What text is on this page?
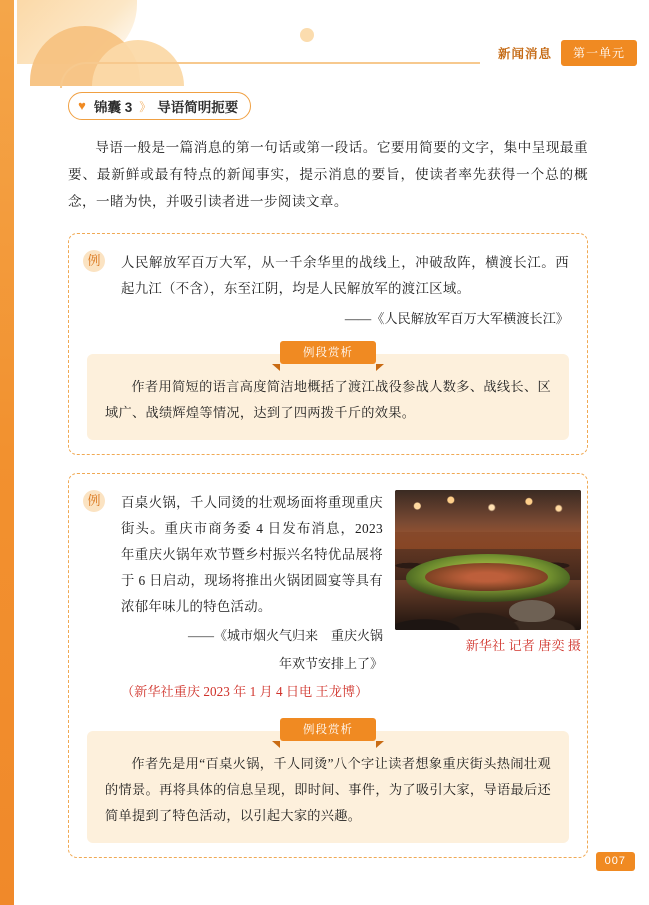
新闻消息	第一单元
♥ 锦囊 3 》 导语简明扼要
导语一般是一篇消息的第一句话或第一段话。它要用简要的文字，集中呈现最重要、最新鲜或最有特点的新闻事实，提示消息的要旨，使读者率先获得一个总的概念，一睹为快，并吸引读者进一步阅读文章。
例	人民解放军百万大军，从一千余华里的战线上，冲破敌阵，横渡长江。西起九江（不含），东至江阴，均是人民解放军的渡江区域。
——《人民解放军百万大军横渡长江》
例段赏析
作者用简短的语言高度简洁地概括了渡江战役参战人数多、战线长、区域广、战绩辉煌等情况，达到了四两拨千斤的效果。
例	百桌火锅，千人同烫的壮观场面将重现重庆街头。重庆市商务委 4 日发布消息，2023 年重庆火锅年欢节暨乡村振兴名特优品展将于 6 日启动，现场将推出火锅团圆宴等具有浓郁年味儿的特色活动。
——《城市烟火气归来　重庆火锅
年欢节安排上了》
（新华社重庆 2023 年 1 月 4 日电 王龙博）
新华社 记者 唐奕 摄
例段赏析
作者先是用“百桌火锅，千人同烫”八个字让读者想象重庆街头热闹壮观的情景。再将具体的信息呈现，即时间、事件，为了吸引大家，导语最后还简单提到了特色活动，以引起大家的兴趣。
007
